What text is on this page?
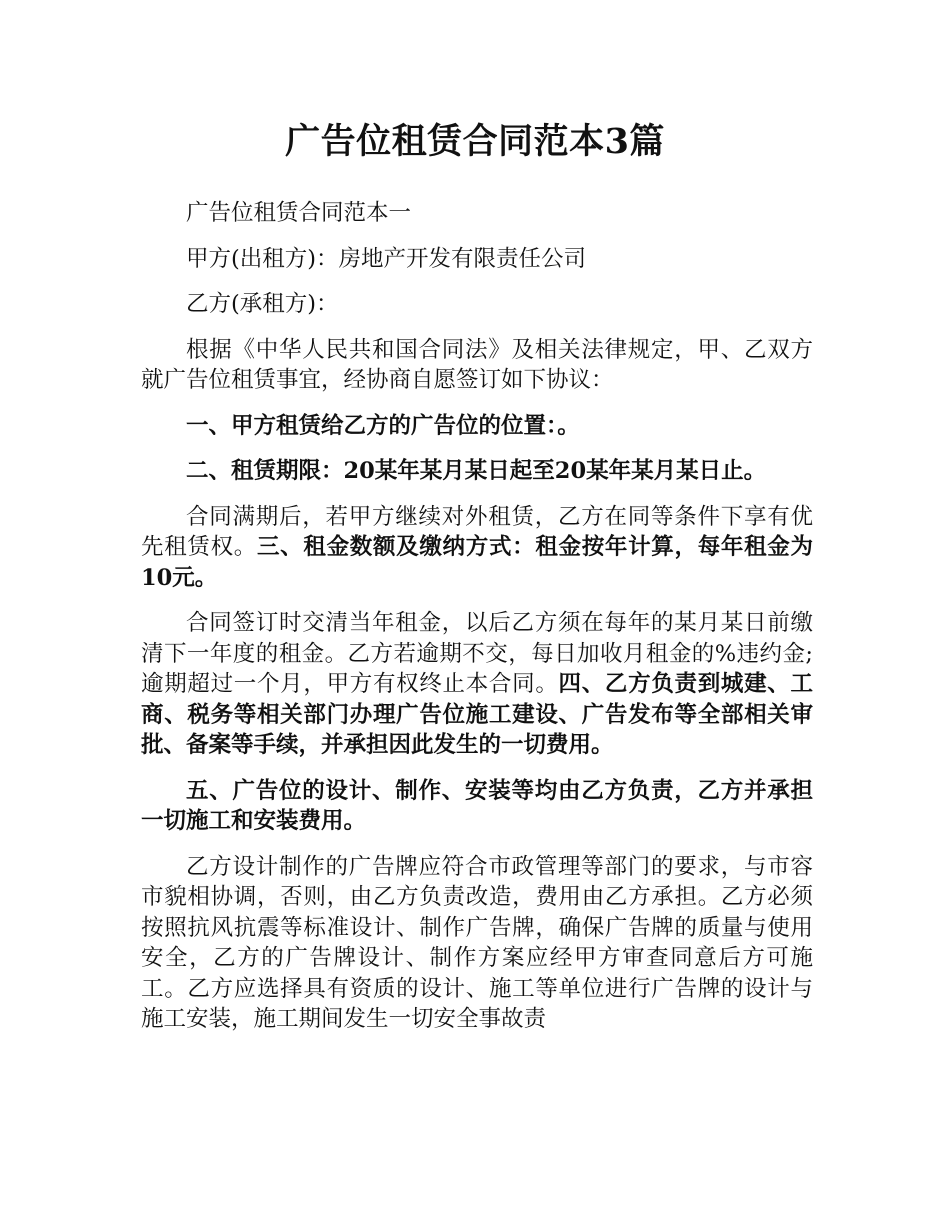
广告位租赁合同范本3篇

广告位租赁合同范本一

甲方(出租方)：房地产开发有限责任公司

乙方(承租方)：

根据《中华人民共和国合同法》及相关法律规定，甲、乙双方就广告位租赁事宜，经协商自愿签订如下协议：

一、甲方租赁给乙方的广告位的位置：。

二、租赁期限：20某年某月某日起至20某年某月某日止。

合同满期后，若甲方继续对外租赁，乙方在同等条件下享有优先租赁权。三、租金数额及缴纳方式：租金按年计算，每年租金为10元。

合同签订时交清当年租金，以后乙方须在每年的某月某日前缴清下一年度的租金。乙方若逾期不交，每日加收月租金的%违约金;逾期超过一个月，甲方有权终止本合同。四、乙方负责到城建、工商、税务等相关部门办理广告位施工建设、广告发布等全部相关审批、备案等手续，并承担因此发生的一切费用。

五、广告位的设计、制作、安装等均由乙方负责，乙方并承担一切施工和安装费用。

乙方设计制作的广告牌应符合市政管理等部门的要求，与市容市貌相协调，否则，由乙方负责改造，费用由乙方承担。乙方必须按照抗风抗震等标准设计、制作广告牌，确保广告牌的质量与使用安全，乙方的广告牌设计、制作方案应经甲方审查同意后方可施工。乙方应选择具有资质的设计、施工等单位进行广告牌的设计与施工安装，施工期间发生一切安全事故责
